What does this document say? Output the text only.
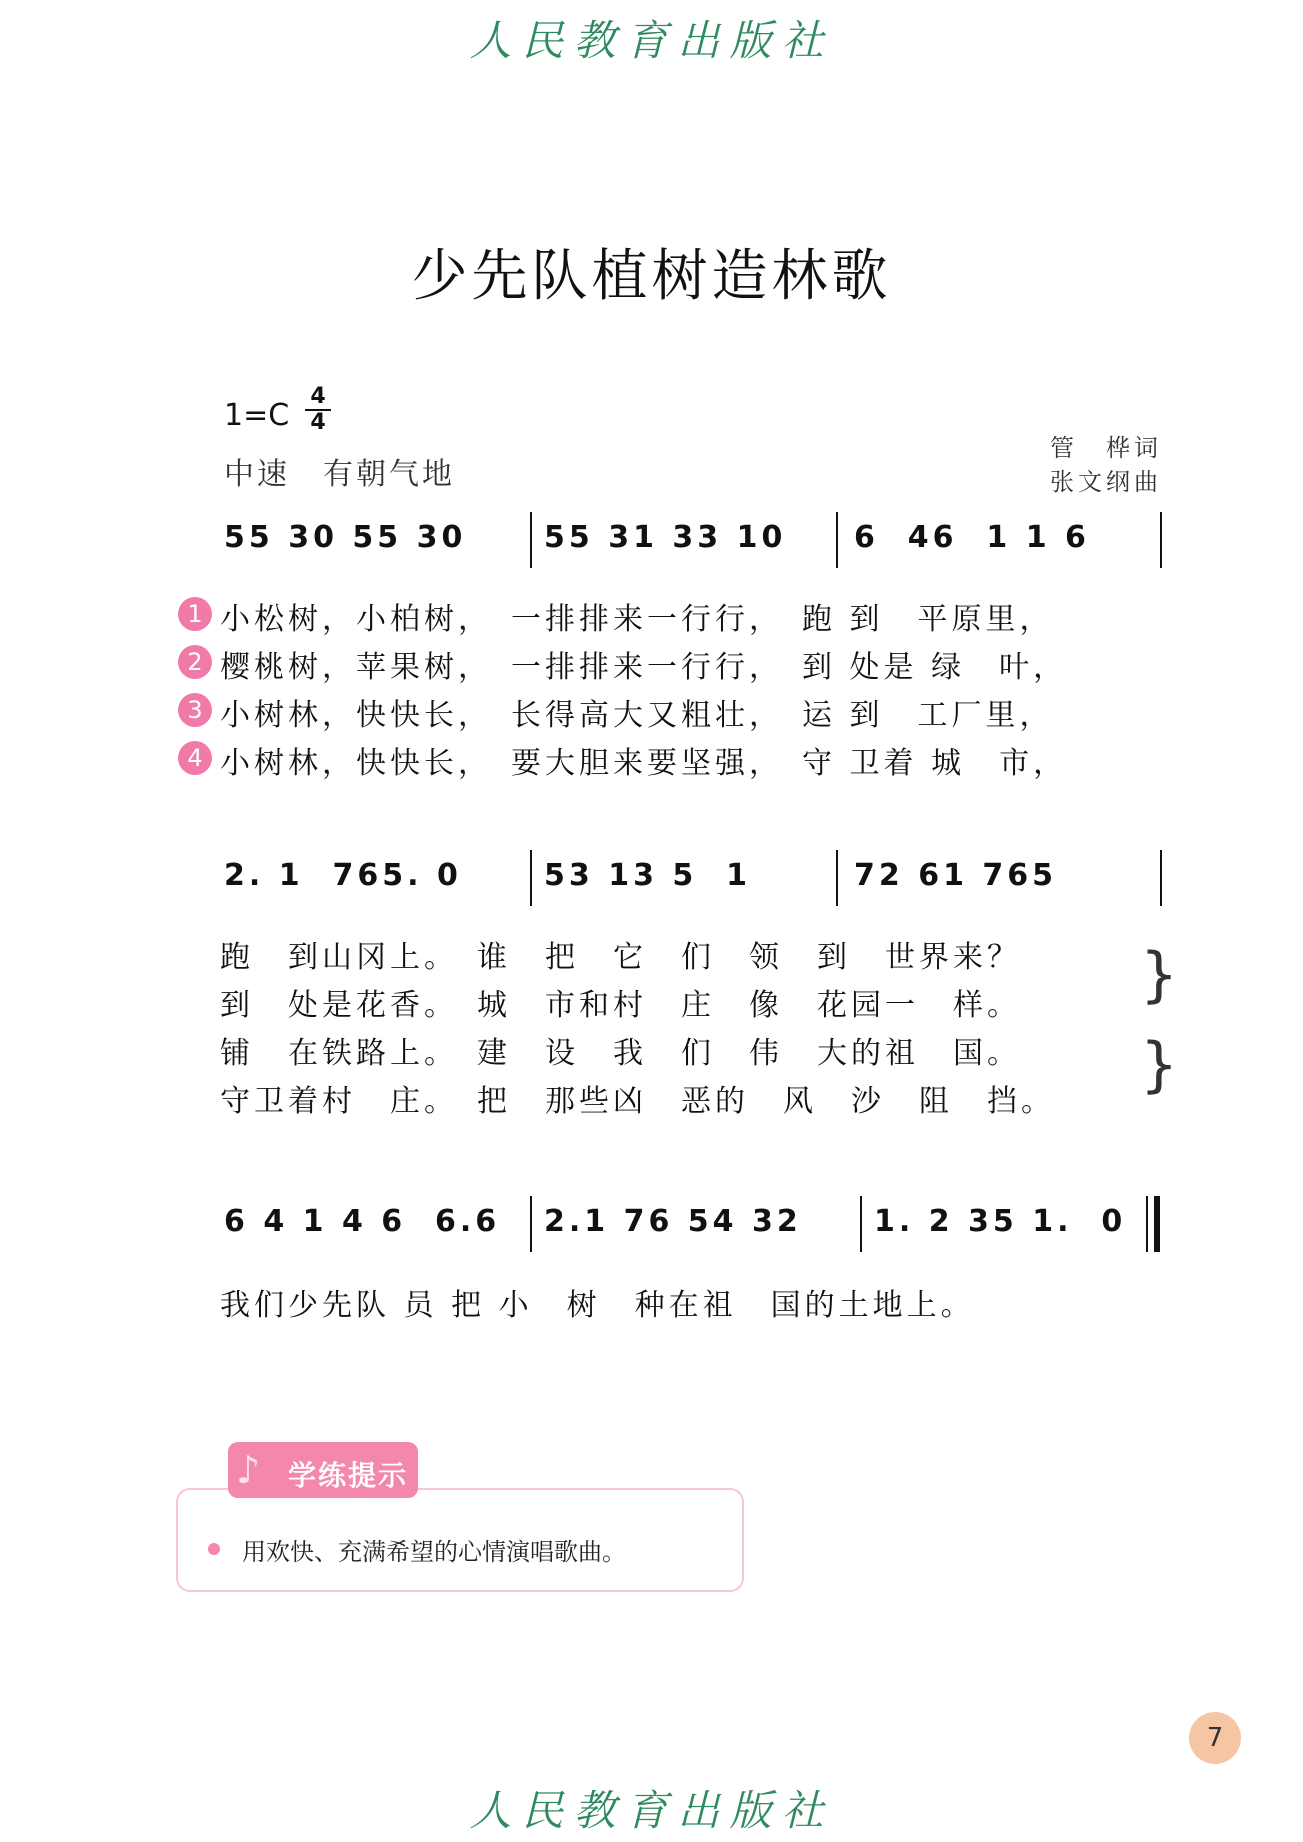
人民教育出版社
少先队植树造林歌
1=C
4
4
中速　有朝气地
管　桦词
张文纲曲
55 30 55 30	55 31 33 10 6  46  1 1 6
1 小松树，小柏树，　一排排来一行行，　跑 到　平原里，
2 樱桃树，苹果树，　一排排来一行行，　到 处是 绿　叶，
3 小树林，快快长，　长得高大又粗壮，　运 到　工厂里，
4 小树林，快快长，　要大胆来要坚强，　守 卫着 城　市，
2. 1  765. 0	53 13 5  1	72 61 765
跑　到山冈上。　谁　把　它　们　领　到　世界来？
到　处是花香。　城　市和村　庄　像　花园一　样。
铺　在铁路上。　建　设　我　们　伟　大的祖　国。
守卫着村　庄。　把　那些凶　恶的　风　沙　阻　挡。
}
}
6 4 1 4 6  6.6 2.1 76 54 32 1. 2 35 1.  0
我们少先队 员 把 小　树　种在祖　国的土地上。
♪ 学练提示
用欢快、充满希望的心情演唱歌曲。
7
人民教育出版社
